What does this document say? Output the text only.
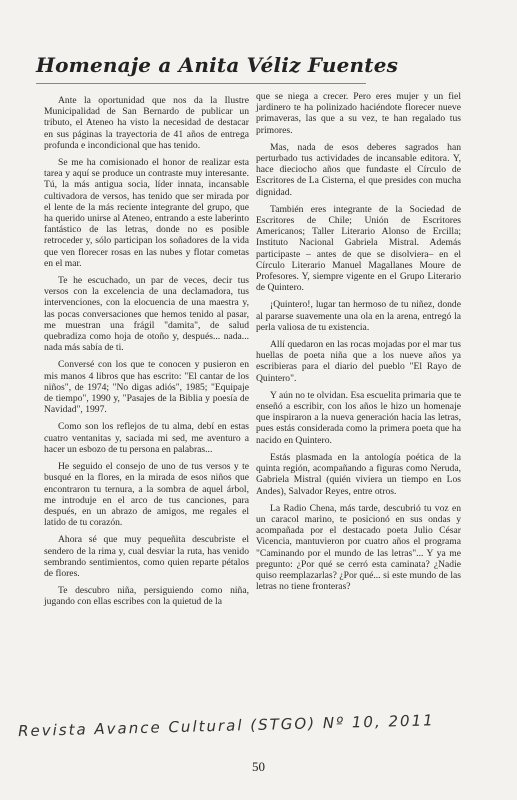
Homenaje a Anita Véliz Fuentes

Ante la oportunidad que nos da la Ilustre Municipalidad de San Bernardo de publicar un tributo, el Ateneo ha visto la necesidad de destacar en sus páginas la trayectoria de 41 años de entrega profunda e incondicional que has tenido.

Se me ha comisionado el honor de realizar esta tarea y aquí se produce un contraste muy interesante. Tú, la más antigua socia, líder innata, incansable cultivadora de versos, has tenido que ser mirada por el lente de la más reciente integrante del grupo, que ha querido unirse al Ateneo, entrando a este laberinto fantástico de las letras, donde no es posible retroceder y, sólo participan los soñadores de la vida que ven florecer rosas en las nubes y flotar cometas en el mar.

Te he escuchado, un par de veces, decir tus versos con la excelencia de una declamadora, tus intervenciones, con la elocuencia de una maestra y, las pocas conversaciones que hemos tenido al pasar, me muestran una frágil "damita", de salud quebradiza como hoja de otoño y, después... nada... nada más sabía de ti.

Conversé con los que te conocen y pusieron en mis manos 4 libros que has escrito: "El cantar de los niños", de 1974; "No digas adiós", 1985; "Equipaje de tiempo", 1990 y, "Pasajes de la Biblia y poesía de Navidad", 1997.

Como son los reflejos de tu alma, debí en estas cuatro ventanitas y, saciada mi sed, me aventuro a hacer un esbozo de tu persona en palabras...

He seguido el consejo de uno de tus versos y te busqué en la flores, en la mirada de esos niños que encontraron tu ternura, a la sombra de aquel árbol, me introduje en el arco de tus canciones, para después, en un abrazo de amigos, me regales el latido de tu corazón.

Ahora sé que muy pequeñita descubriste el sendero de la rima y, cual desviar la ruta, has venido sembrando sentimientos, como quien reparte pétalos de flores.

Te descubro niña, persiguiendo como niña, jugando con ellas escribes con la quietud de la

que se niega a crecer. Pero eres mujer y un fiel jardinero te ha polinizado haciéndote florecer nueve primaveras, las que a su vez, te han regalado tus primores.

Mas, nada de esos deberes sagrados han perturbado tus actividades de incansable editora. Y, hace dieciocho años que fundaste el Círculo de Escritores de La Cisterna, el que presides con mucha dignidad.

También eres integrante de la Sociedad de Escritores de Chile; Unión de Escritores Americanos; Taller Literario Alonso de Ercilla; Instituto Nacional Gabriela Mistral. Además participaste – antes de que se disolviera– en el Círculo Literario Manuel Magallanes Moure de Profesores. Y, siempre vigente en el Grupo Literario de Quintero.

¡Quintero!, lugar tan hermoso de tu niñez, donde al pararse suavemente una ola en la arena, entregó la perla valiosa de tu existencia.

Allí quedaron en las rocas mojadas por el mar tus huellas de poeta niña que a los nueve años ya escribieras para el diario del pueblo "El Rayo de Quintero".

Y aún no te olvidan. Esa escuelita primaria que te enseñó a escribir, con los años le hizo un homenaje que inspiraron a la nueva generación hacia las letras, pues estás considerada como la primera poeta que ha nacido en Quintero.

Estás plasmada en la antología poética de la quinta región, acompañando a figuras como Neruda, Gabriela Mistral (quién viviera un tiempo en Los Andes), Salvador Reyes, entre otros.

La Radio Chena, más tarde, descubrió tu voz en un caracol marino, te posicionó en sus ondas y acompañada por el destacado poeta Julio César Vicencia, mantuvieron por cuatro años el programa "Caminando por el mundo de las letras"... Y ya me pregunto: ¿Por qué se cerró esta caminata? ¿Nadie quiso reemplazarlas? ¿Por qué... si este mundo de las letras no tiene fronteras?

Revista Avance Cultural (STGO) Nº 10, 2011
50
